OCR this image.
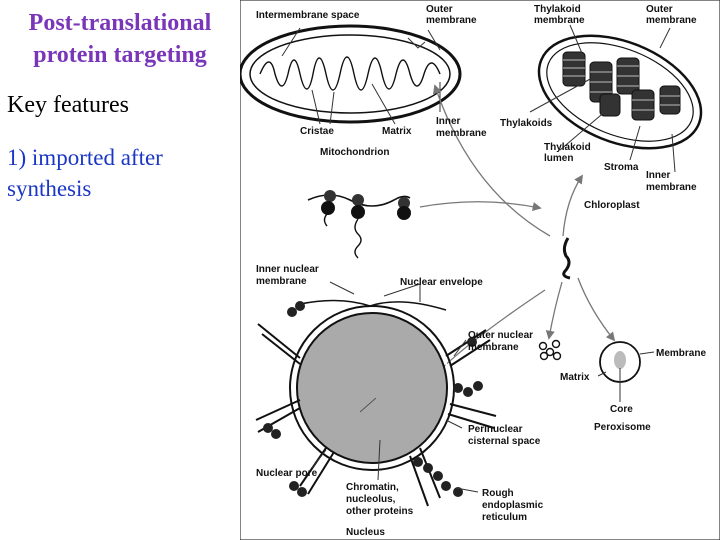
Post-translational
protein targeting
Key features
1) imported after
synthesis
Intermembrane space
Outer
membrane
Inner
membrane
Cristae	Matrix
Mitochondrion
Thylakoid
membrane
Outer
membrane
Thylakoids
Thylakoid
lumen
Stroma
Inner
membrane
Chloroplast
Inner nuclear
membrane	Nuclear envelope
Outer nuclear
membrane
Perinuclear
cisternal space
Nuclear pore
Chromatin,
nucleolus,
other proteins
Nucleus
Rough
endoplasmic
reticulum
Membrane
Matrix
Core
Peroxisome
